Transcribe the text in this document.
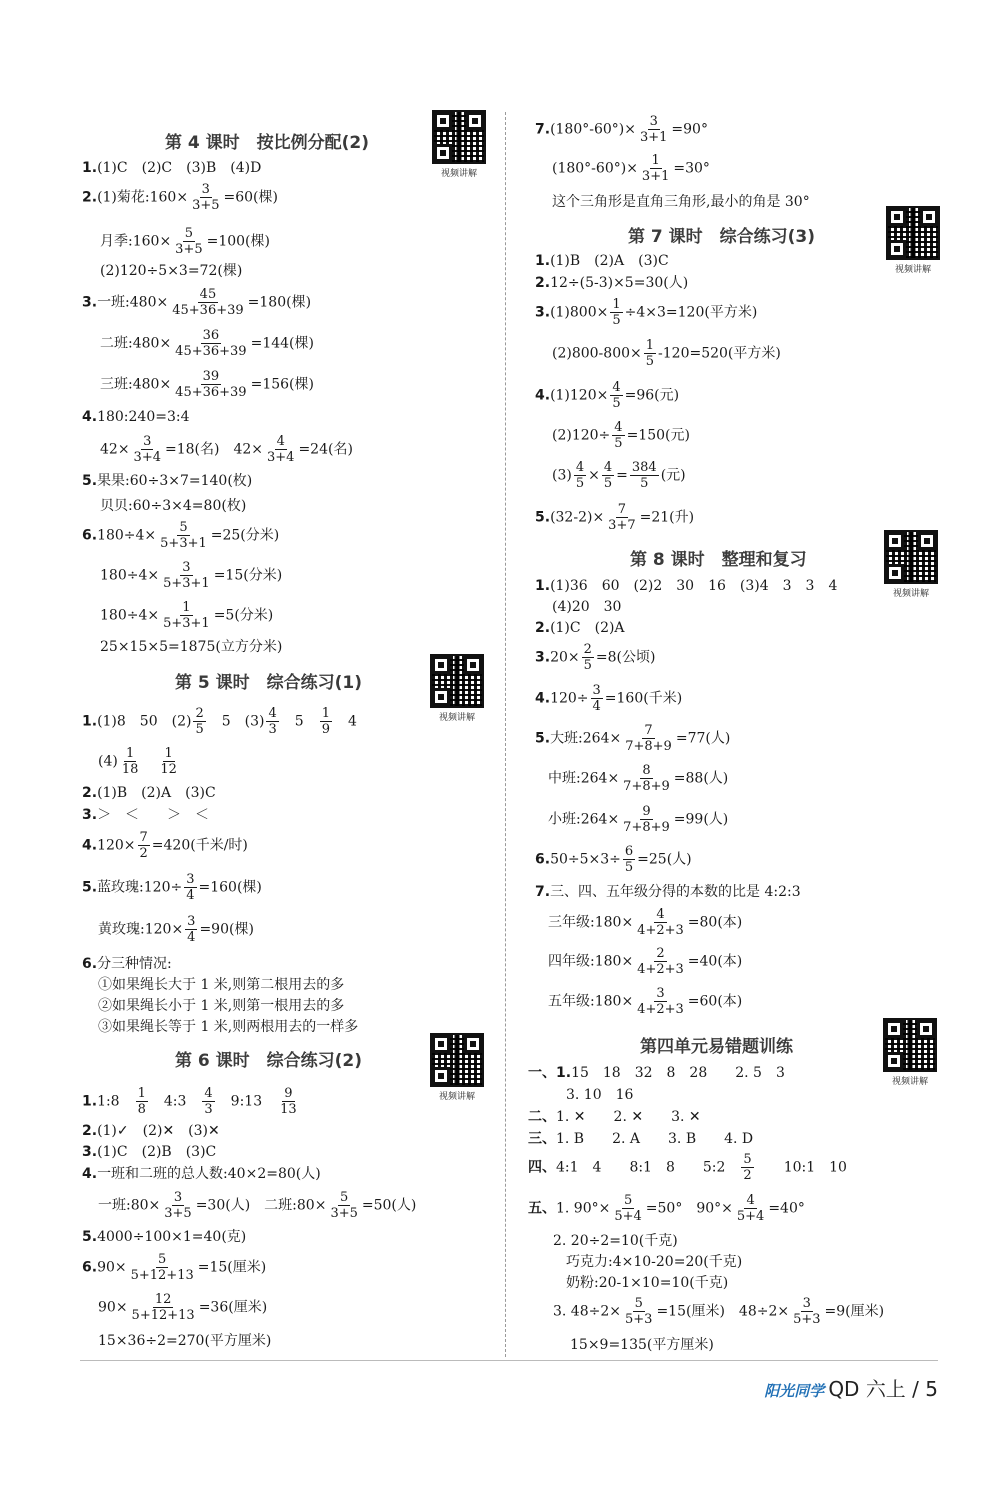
第 4 课时　按比例分配(2)
视频讲解
1.(1)C　(2)C　(3)B　(4)D
2.(1)菊花:160× $\frac{3}{3+5} =60$(棵)
月季:160× $\frac{5}{3+5} =100$(棵)
(2)120÷5×3=72(棵)
3.一班:480× $\frac{45}{45+36+39} =180$(棵)
二班:480× $\frac{36}{45+36+39} =144$(棵)
三班:480× $\frac{39}{45+36+39} =156$(棵)
4.180:240=3:4
$42\times \frac{3}{3+4} =18$(名)　$42\times \frac{4}{3+4} =24$(名)
5.果果:60÷3×7=140(枚)
贝贝:60÷3×4=80(枚)
$6.180\div 4\times \frac{5}{5+3+1} =25$(分米)
$180\div 4\times \frac{3}{5+3+1} =15$(分米)
$180\div 4\times \frac{1}{5+3+1} =5$(分米)
25×15×5=1875(立方分米)
第 5 课时　综合练习(1)
视频讲解
1.(1)8　50　$(2) \frac{2}{5}$ 　5　$(3) \frac{4}{3}$ 　5　 $\frac{1}{9}$ 　4
$(4) \frac{1}{18}$
　 $\frac{1}{12}$
2.(1)B　(2)A　(3)C
3.＞　＜　　＞　＜
$4.120\times \frac{7}{2} =420$(千米/时)
5.蓝玫瑰:120÷ $\frac{3}{4} =160$(棵)
黄玫瑰:120× $\frac{3}{4} =90$(棵)
6.分三种情况:
①如果绳长大于 1 米,则第二根用去的多
②如果绳长小于 1 米,则第一根用去的多
③如果绳长等于 1 米,则两根用去的一样多
第 6 课时　综合练习(2)
视频讲解
1.1:8　 $\frac{1}{8}$ 　4:3　 $\frac{4}{3}$ 　9:13　 $\frac{9}{13}$
2.(1)✓　(2)✕　(3)✕
3.(1)C　(2)B　(3)C
4.一班和二班的总人数:40×2=80(人)
一班:80× $\frac{3}{3+5} =30$(人)　二班:80× $\frac{5}{3+5} =50$(人)
5.4000÷100×1=40(克)
$6.90\times \frac{5}{5+12+13} =15$(厘米)
$90\times \frac{12}{5+12+13} =36$(厘米)
15×36÷2=270(平方厘米)
$7.(180^\circ-60^\circ)\times \frac{3}{3+1} =90^\circ$
$(180^\circ-60^\circ)\times \frac{1}{3+1} =30^\circ$
这个三角形是直角三角形,最小的角是 30°
第 7 课时　综合练习(3)
视频讲解
1.(1)B　(2)A　(3)C
2.12÷(5-3)×5=30(人)
$3.(1)800\times \frac{1}{5} \div 4\times 3=120$(平方米)
$(2)800-800\times \frac{1}{5} -120=520$(平方米)
$4.(1)120\times \frac{4}{5} =96$(元)
$(2)120\div \frac{4}{5} =150$(元)
$(3) \frac{4}{5} \times \frac{4}{5} = \frac{384}{5}$ (元)
$5.(32-2)\times \frac{7}{3+7} =21$(升)
第 8 课时　整理和复习
视频讲解
1.(1)36　60　(2)2　30　16　(3)4　3　3　4
(4)20　30
2.(1)C　(2)A
$3.20\times \frac{2}{5} =8$(公顷)
$4.120\div \frac{3}{4} =160$(千米)
5.大班:264× $\frac{7}{7+8+9} =77$(人)
中班:264× $\frac{8}{7+8+9} =88$(人)
小班:264× $\frac{9}{7+8+9} =99$(人)
$6.50\div 5\times 3\div \frac{6}{5} =25$(人)
7.三、四、五年级分得的本数的比是 4:2:3
三年级:180× $\frac{4}{4+2+3} =80$(本)
四年级:180× $\frac{2}{4+2+3} =40$(本)
五年级:180× $\frac{3}{4+2+3} =60$(本)
第四单元易错题训练
视频讲解
一、1.15　18　32　8　28　　2. 5　3
3. 10　16
二、1. ✕　　2. ✕　　3. ✕
三、1. B　　2. A　　3. B　　4. D
四、4:1　4　　8:1　8　　5:2　 $\frac{5}{2}$ 　　10:1　10
五、1. $90^\circ\times \frac{5}{5+4} =50^\circ$　$90^\circ\times \frac{4}{5+4} =40^\circ$
2. 20÷2=10(千克)
巧克力:4×10-20=20(千克)
奶粉:20-1×10=10(千克)
3. $48\div 2\times \frac{5}{5+3} =15$(厘米)　$48\div 2\times \frac{3}{5+3} =9$(厘米)
15×9=135(平方厘米)
阳光同学 QD 六上 / 5
